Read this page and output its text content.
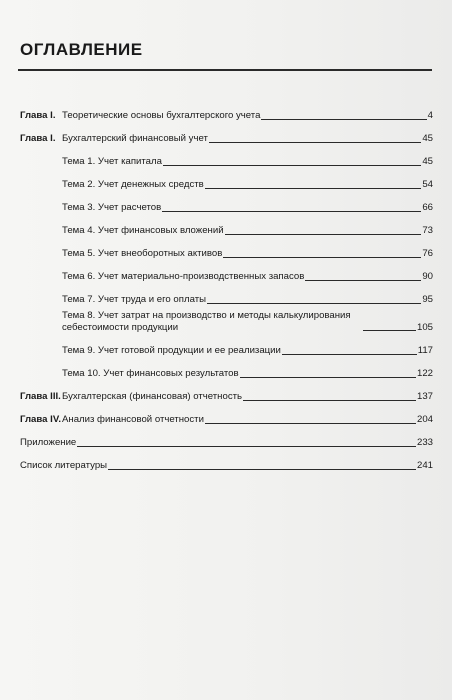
ОГЛАВЛЕНИЕ
Глава I. Теоретические основы бухгалтерского учета	4
Глава I. Бухгалтерский финансовый учет	45
Тема 1. Учет капитала	45
Тема 2. Учет денежных средств	54
Тема 3. Учет расчетов	66
Тема 4. Учет финансовых вложений	73
Тема 5. Учет внеоборотных активов	76
Тема 6. Учет материально-производственных запасов	90
Тема 7. Учет труда и его оплаты	95
Тема 8. Учет затрат на производство и методы калькулирования себестоимости продукции	105
Тема 9. Учет готовой продукции и ее реализации	117
Тема 10. Учет финансовых результатов	122
Глава III. Бухгалтерская (финансовая) отчетность	137
Глава IV. Анализ финансовой отчетности	204
Приложение	233
Список литературы	241
